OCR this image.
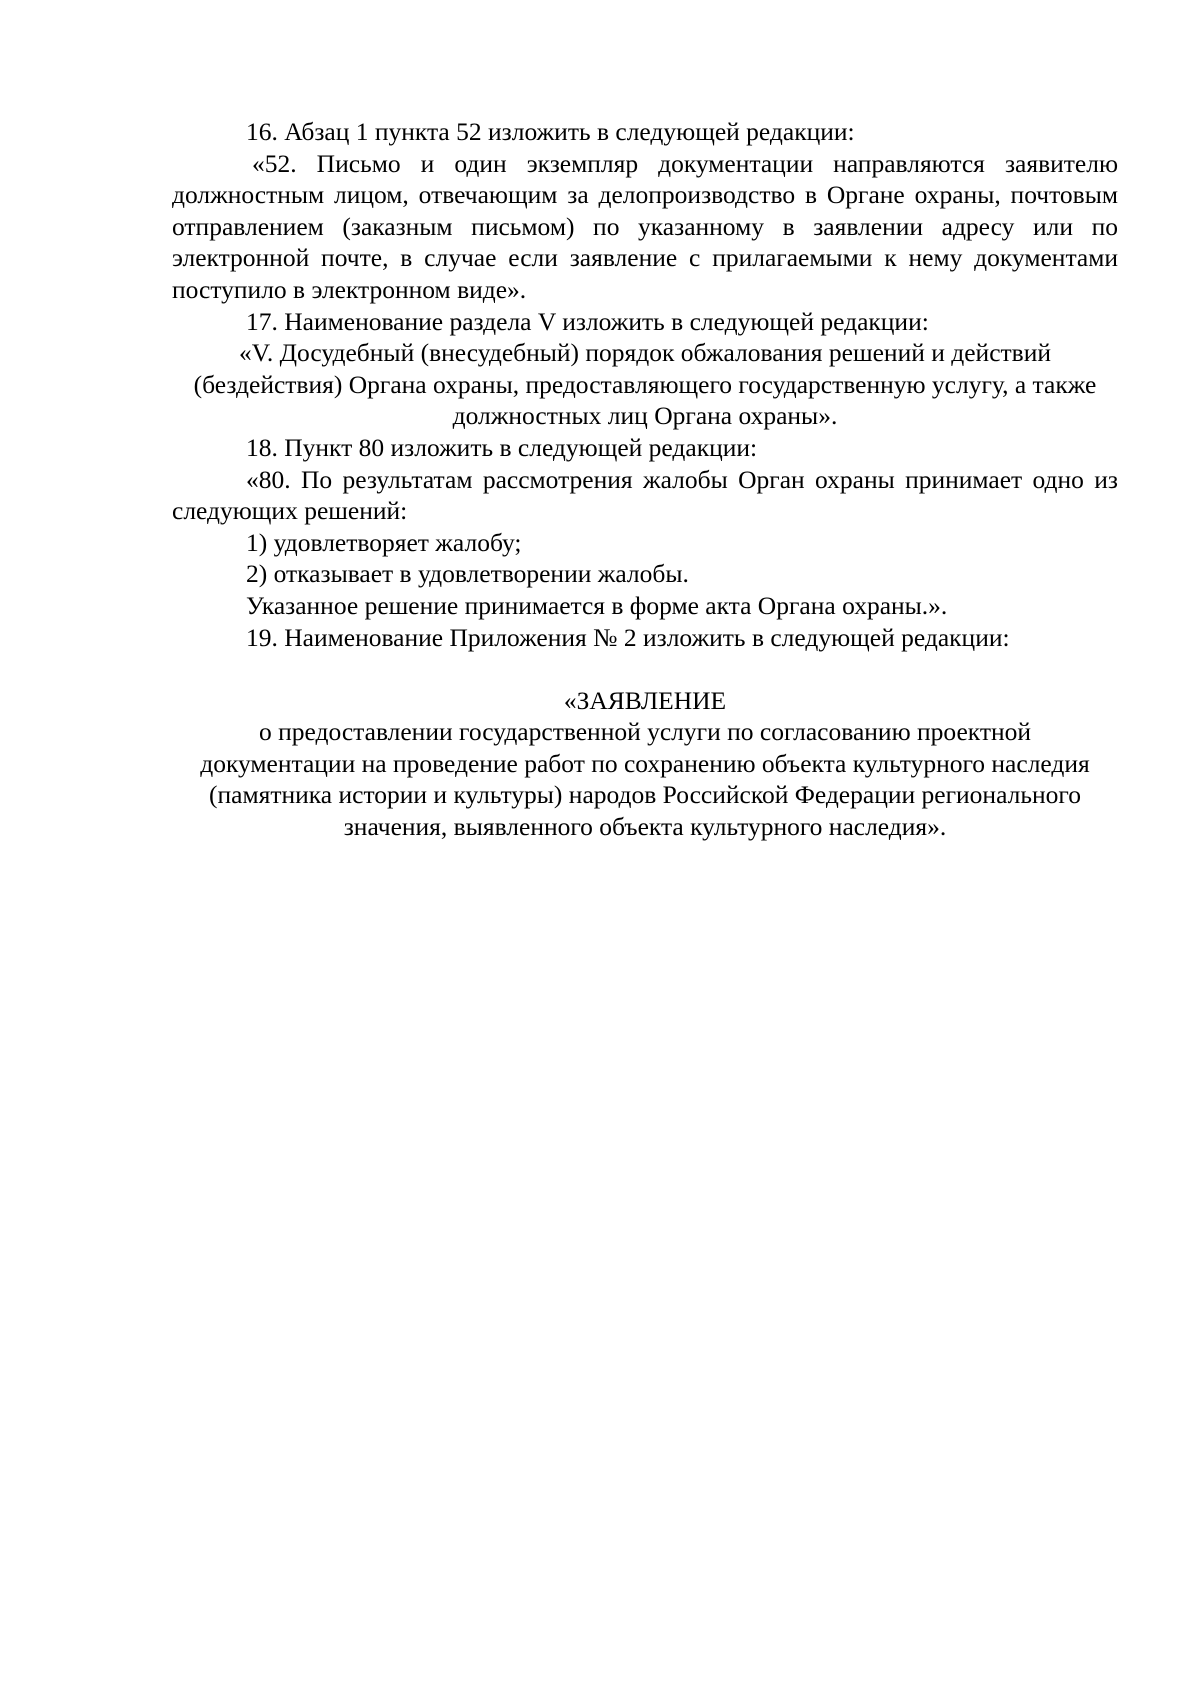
16. Абзац 1 пункта 52 изложить в следующей редакции:

«52. Письмо и один экземпляр документации направляются заявителю должностным лицом, отвечающим за делопроизводство в Органе охраны, почтовым отправлением (заказным письмом) по указанному в заявлении адресу или по электронной почте, в случае если заявление с прилагаемыми к нему документами поступило в электронном виде».

17. Наименование раздела V изложить в следующей редакции:

«V. Досудебный (внесудебный) порядок обжалования решений и действий (бездействия) Органа охраны, предоставляющего государственную услугу, а также должностных лиц Органа охраны».

18. Пункт 80 изложить в следующей редакции:

«80. По результатам рассмотрения жалобы Орган охраны принимает одно из следующих решений:

1) удовлетворяет жалобу;

2) отказывает в удовлетворении жалобы.

Указанное решение принимается в форме акта Органа охраны.».

19. Наименование Приложения № 2 изложить в следующей редакции:

«ЗАЯВЛЕНИЕ

о предоставлении государственной услуги по согласованию проектной документации на проведение работ по сохранению объекта культурного наследия (памятника истории и культуры) народов Российской Федерации регионального значения, выявленного объекта культурного наследия».
